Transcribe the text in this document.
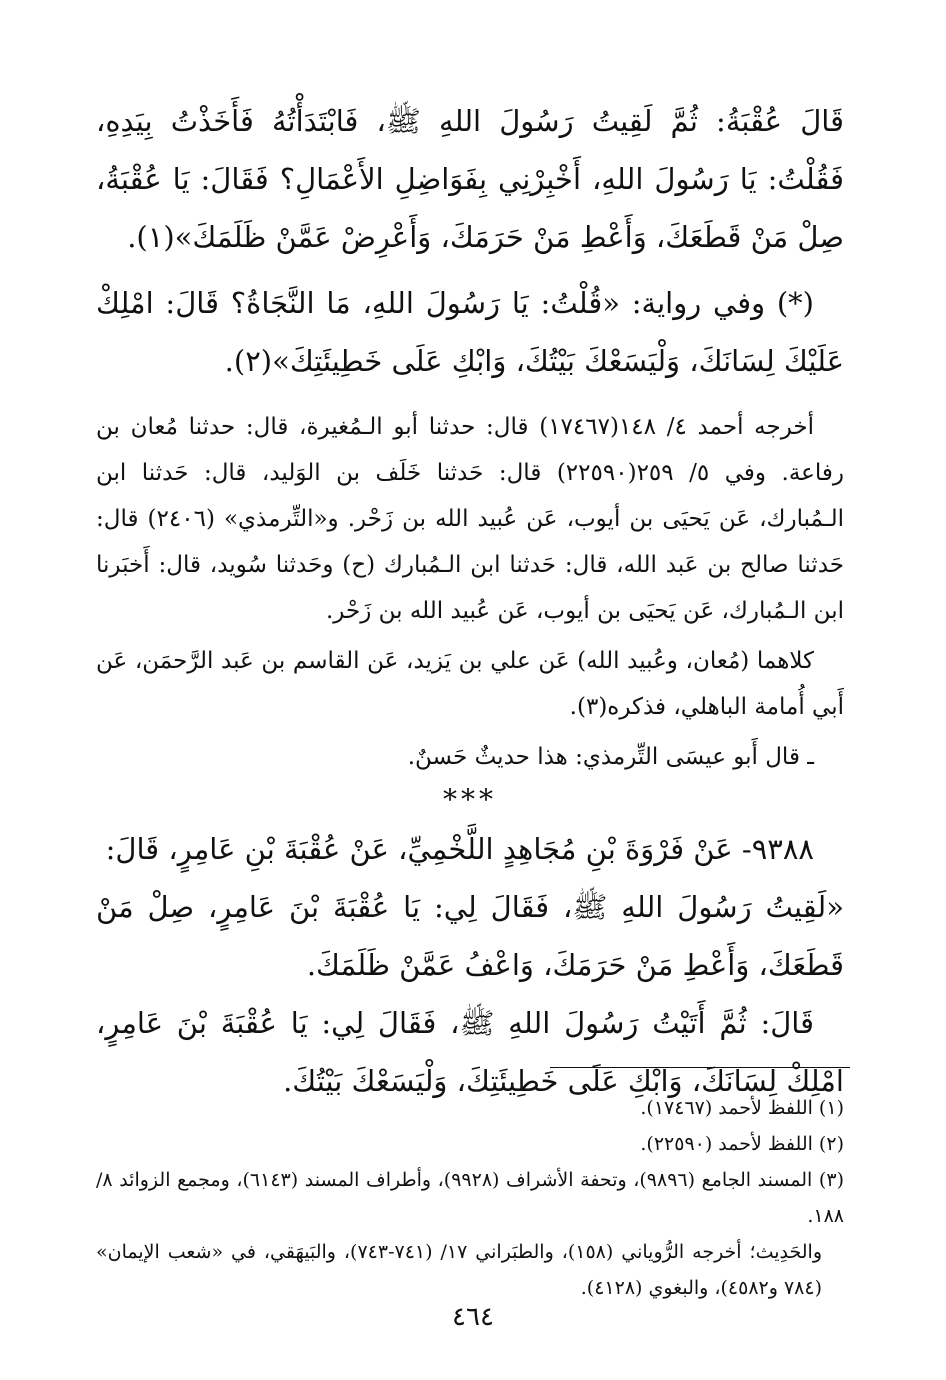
قَالَ عُقْبَةُ: ثُمَّ لَقِيتُ رَسُولَ اللهِ ﷺ، فَابْتَدَأْتُهُ فَأَخَذْتُ بِيَدِهِ، فَقُلْتُ: يَا رَسُولَ اللهِ، أَخْبِرْنِي بِفَوَاضِلِ الأَعْمَالِ؟ فَقَالَ: يَا عُقْبَةُ، صِلْ مَنْ قَطَعَكَ، وَأَعْطِ مَنْ حَرَمَكَ، وَأَعْرِضْ عَمَّنْ ظَلَمَكَ»(١).

(*) وفي رواية: «قُلْتُ: يَا رَسُولَ اللهِ، مَا النَّجَاةُ؟ قَالَ: امْلِكْ عَلَيْكَ لِسَانَكَ، وَلْيَسَعْكَ بَيْتُكَ، وَابْكِ عَلَى خَطِيئَتِكَ»(٢).

أخرجه أحمد ٤/ ١٤٨(١٧٤٦٧) قال: حدثنا أبو الـمُغيرة، قال: حدثنا مُعان بن رفاعة. وفي ٥/ ٢٥٩(٢٢٥٩٠) قال: حَدثنا خَلَف بن الوَليد، قال: حَدثنا ابن الـمُبارك، عَن يَحيَى بن أيوب، عَن عُبيد الله بن زَحْر. و«التِّرمذي» (٢٤٠٦) قال: حَدثنا صالح بن عَبد الله، قال: حَدثنا ابن الـمُبارك (ح) وحَدثنا سُويد، قال: أَخبَرنا ابن الـمُبارك، عَن يَحيَى بن أيوب، عَن عُبيد الله بن زَحْر.

كلاهما (مُعان، وعُبيد الله) عَن علي بن يَزيد، عَن القاسم بن عَبد الرَّحمَن، عَن أَبي أُمامة الباهلي، فذكره(٣).

ـ قال أَبو عيسَى التِّرمذي: هذا حديثٌ حَسنٌ.

***

٩٣٨٨- عَنْ فَرْوَةَ بْنِ مُجَاهِدٍ اللَّخْمِيِّ، عَنْ عُقْبَةَ بْنِ عَامِرٍ، قَالَ:

«لَقِيتُ رَسُولَ اللهِ ﷺ، فَقَالَ لِي: يَا عُقْبَةَ بْنَ عَامِرٍ، صِلْ مَنْ قَطَعَكَ، وَأَعْطِ مَنْ حَرَمَكَ، وَاعْفُ عَمَّنْ ظَلَمَكَ.

قَالَ: ثُمَّ أَتَيْتُ رَسُولَ اللهِ ﷺ، فَقَالَ لِي: يَا عُقْبَةَ بْنَ عَامِرٍ، امْلِكْ لِسَانَكَ، وَابْكِ عَلَى خَطِيئَتِكَ، وَلْيَسَعْكَ بَيْتُكَ.

(١) اللفظ لأحمد (١٧٤٦٧).

(٢) اللفظ لأحمد (٢٢٥٩٠).

(٣) المسند الجامع (٩٨٩٦)، وتحفة الأشراف (٩٩٢٨)، وأطراف المسند (٦١٤٣)، ومجمع الزوائد ٨/ ١٨٨.

والحَدِيث؛ أخرجه الرُّوياني (١٥٨)، والطبَراني ١٧/ (٧٤١-٧٤٣)، والبَيهَقي، في «شعب الإيمان» (٧٨٤ و٤٥٨٢)، والبغوي (٤١٢٨).

٤٦٤
